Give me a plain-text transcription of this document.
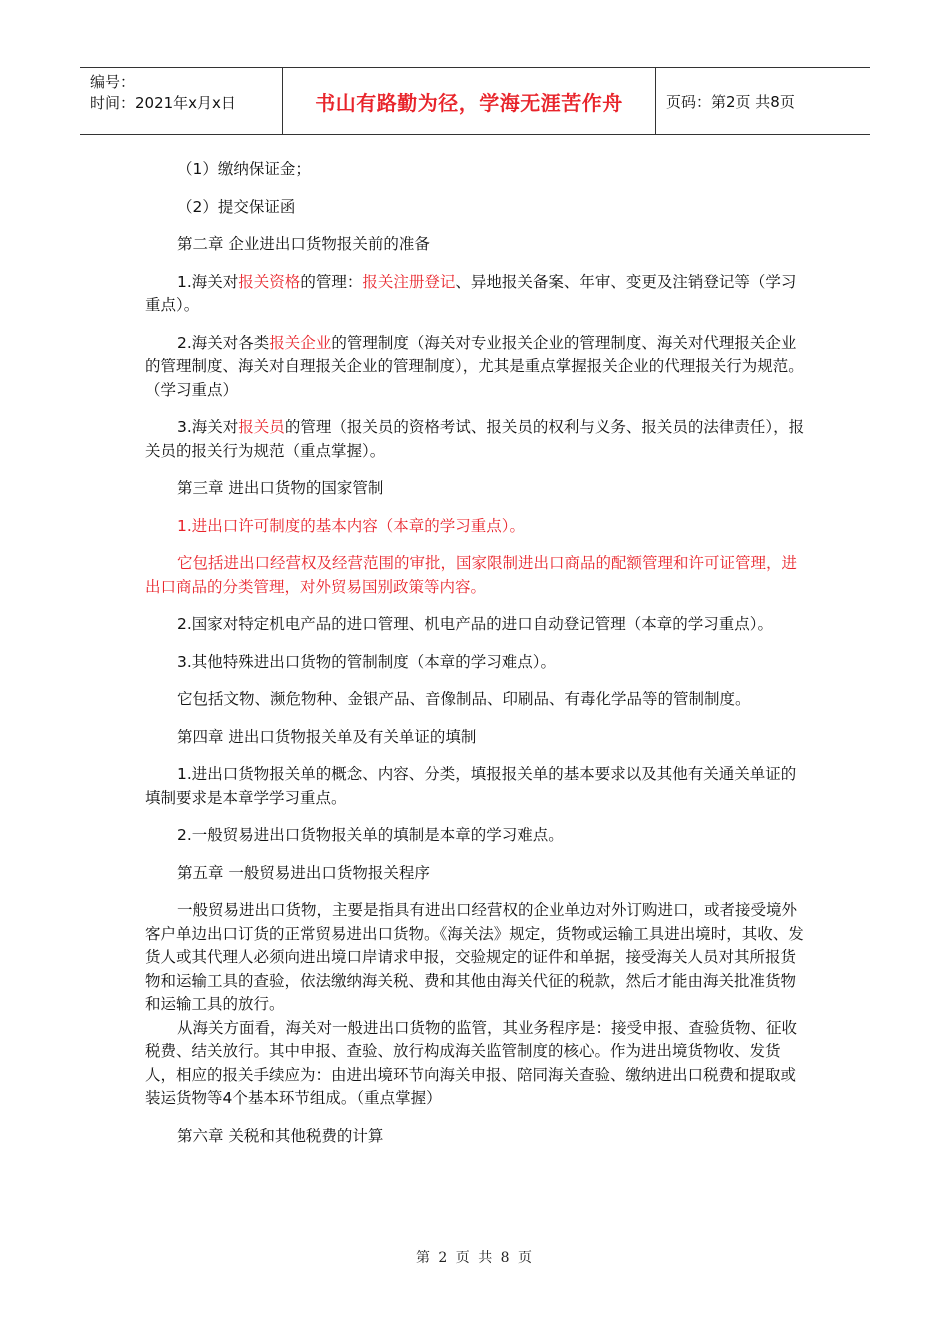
编号：
时间：2021年x月x日	书山有路勤为径，学海无涯苦作舟	页码：第2页 共8页

（1）缴纳保证金；

（2）提交保证函

第二章 企业进出口货物报关前的准备

1.海关对报关资格的管理：报关注册登记、异地报关备案、年审、变更及注销登记等（学习重点）。

2.海关对各类报关企业的管理制度（海关对专业报关企业的管理制度、海关对代理报关企业的管理制度、海关对自理报关企业的管理制度），尤其是重点掌握报关企业的代理报关行为规范。（学习重点）

3.海关对报关员的管理（报关员的资格考试、报关员的权利与义务、报关员的法律责任），报关员的报关行为规范（重点掌握）。

第三章 进出口货物的国家管制

1.进出口许可制度的基本内容（本章的学习重点）。

它包括进出口经营权及经营范围的审批，国家限制进出口商品的配额管理和许可证管理，进出口商品的分类管理，对外贸易国别政策等内容。

2.国家对特定机电产品的进口管理、机电产品的进口自动登记管理（本章的学习重点）。

3.其他特殊进出口货物的管制制度（本章的学习难点）。

它包括文物、濒危物种、金银产品、音像制品、印刷品、有毒化学品等的管制制度。

第四章 进出口货物报关单及有关单证的填制

1.进出口货物报关单的概念、内容、分类，填报报关单的基本要求以及其他有关通关单证的填制要求是本章学学习重点。

2.一般贸易进出口货物报关单的填制是本章的学习难点。

第五章 一般贸易进出口货物报关程序

一般贸易进出口货物，主要是指具有进出口经营权的企业单边对外订购进口，或者接受境外客户单边出口订货的正常贸易进出口货物。《海关法》规定，货物或运输工具进出境时，其收、发货人或其代理人必须向进出境口岸请求申报，交验规定的证件和单据，接受海关人员对其所报货物和运输工具的查验，依法缴纳海关税、费和其他由海关代征的税款，然后才能由海关批准货物和运输工具的放行。

从海关方面看，海关对一般进出口货物的监管，其业务程序是：接受申报、查验货物、征收税费、结关放行。其中申报、查验、放行构成海关监管制度的核心。作为进出境货物收、发货人，相应的报关手续应为：由进出境环节向海关申报、陪同海关查验、缴纳进出口税费和提取或装运货物等4个基本环节组成。（重点掌握）

第六章 关税和其他税费的计算

第 2 页 共 8 页
